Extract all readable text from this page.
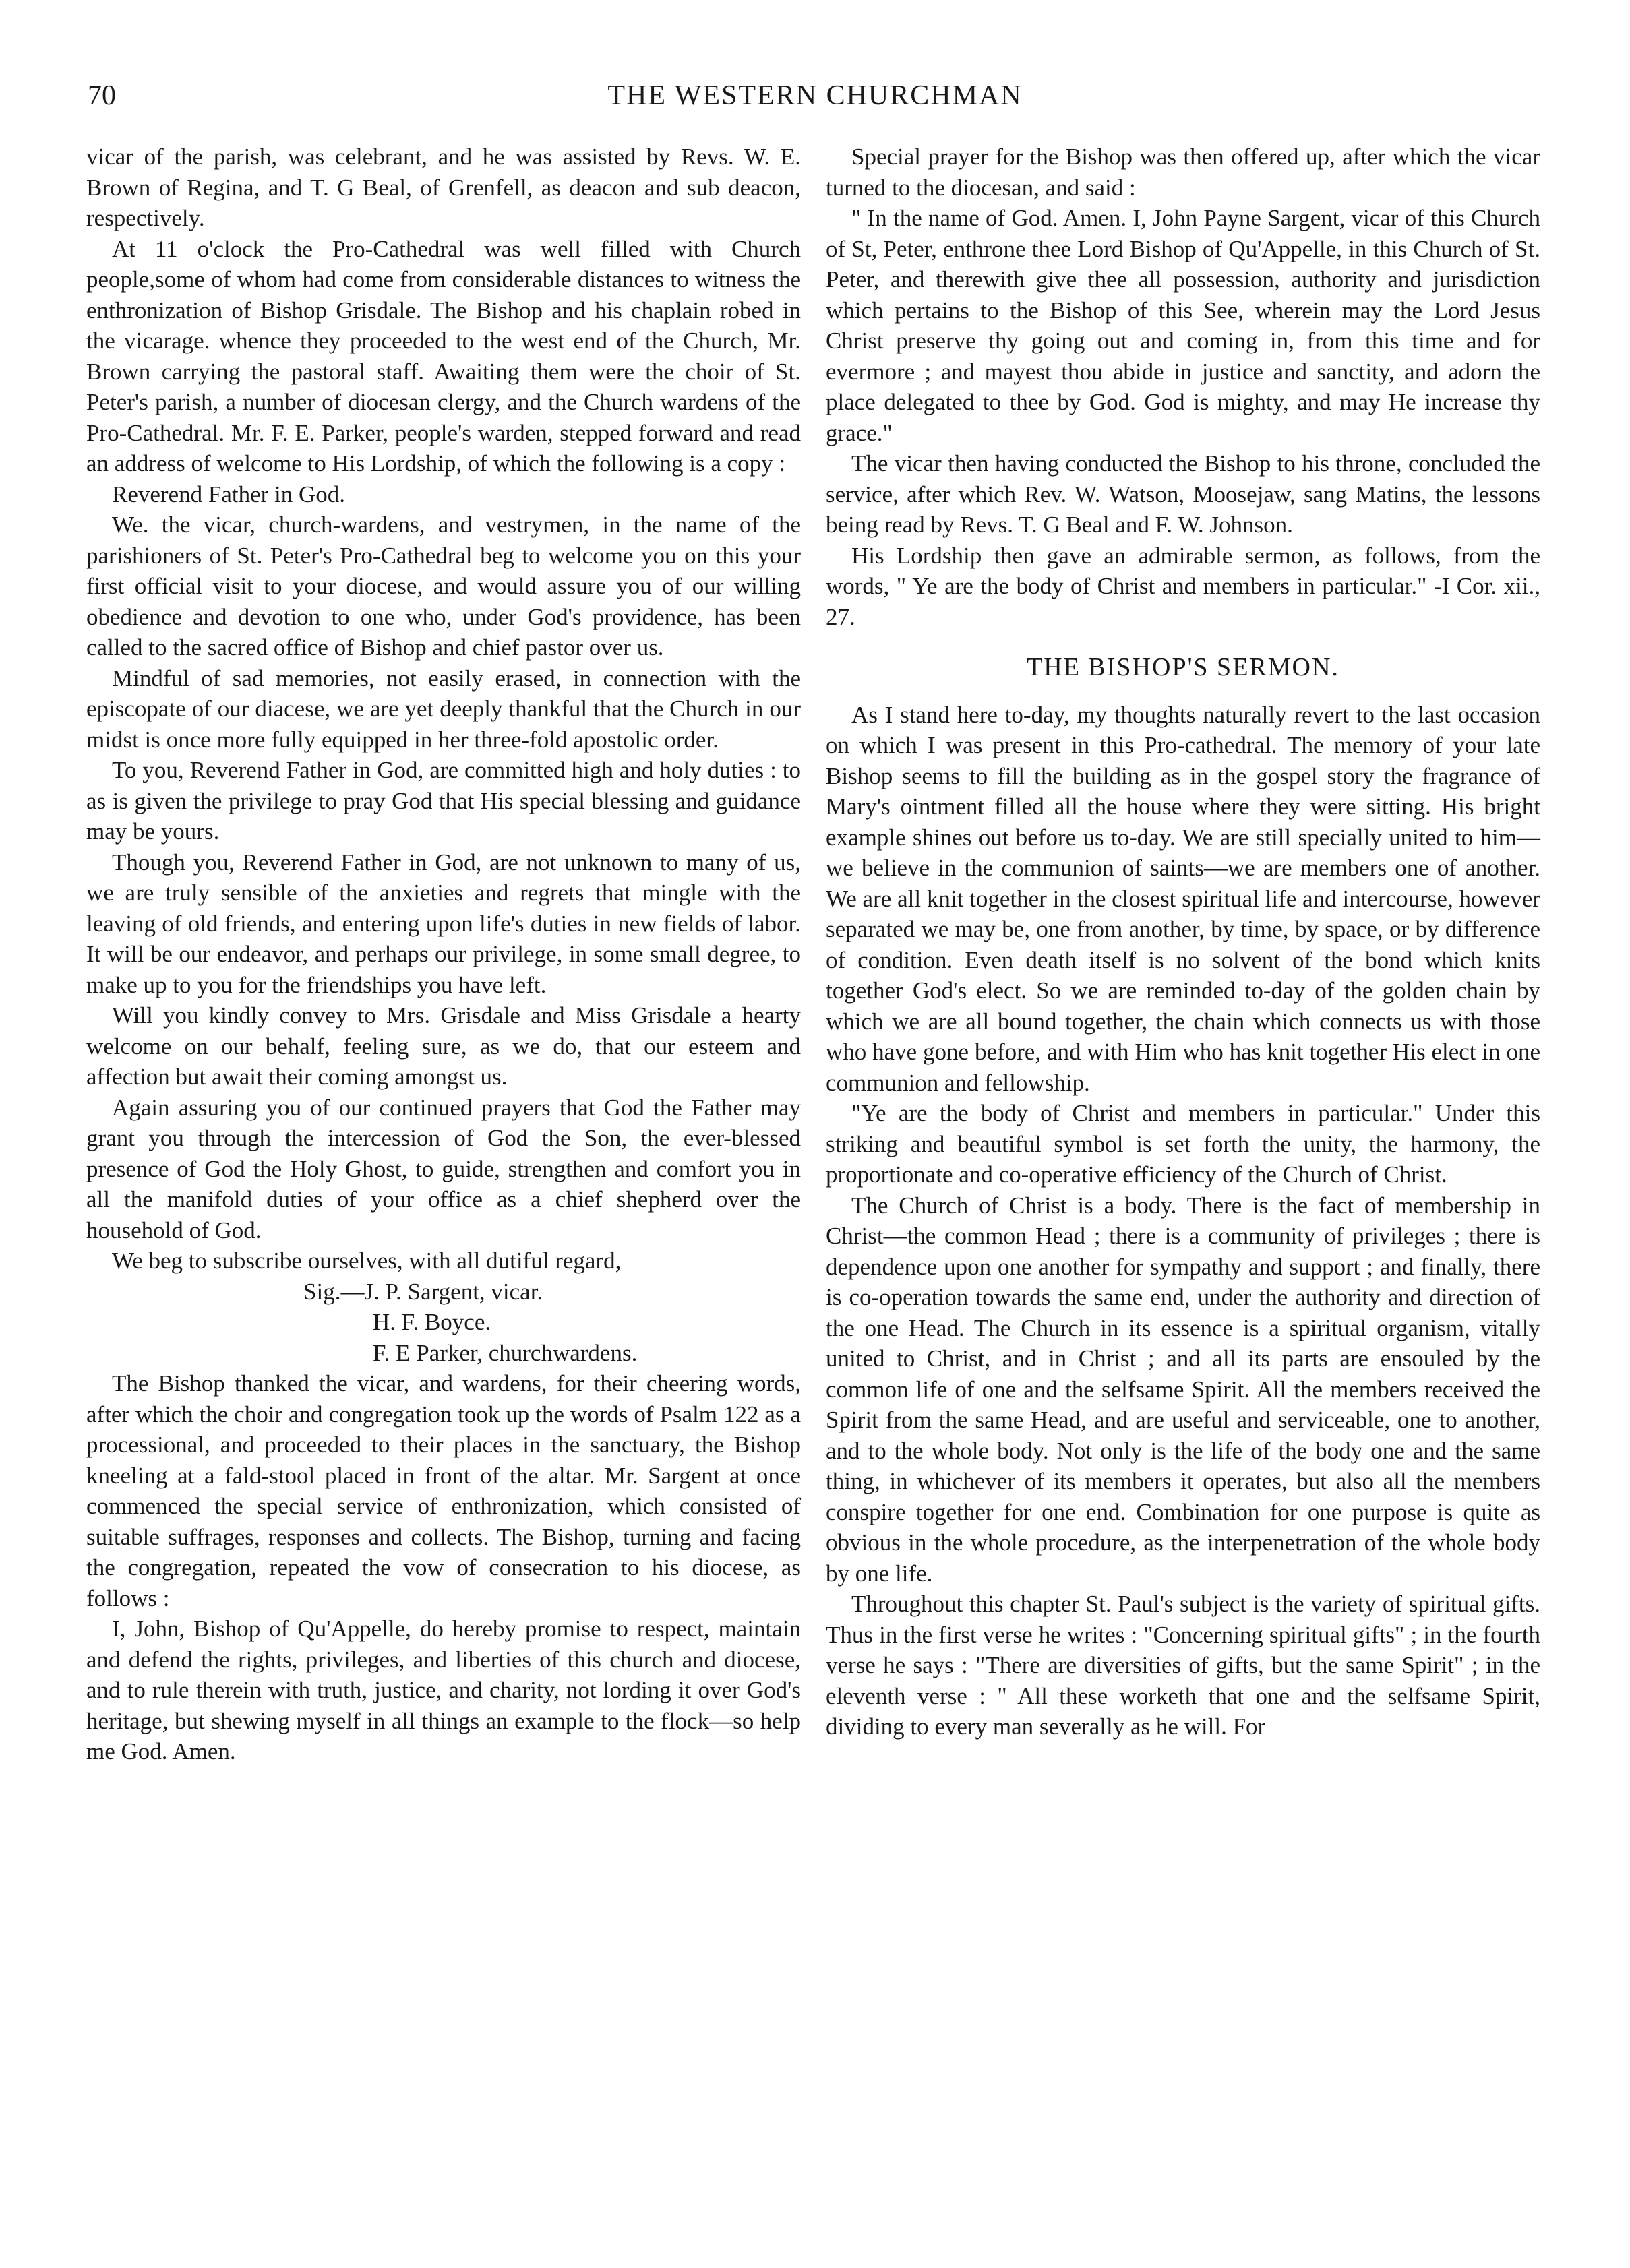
70	THE WESTERN CHURCHMAN

vicar of the parish, was celebrant, and he was assisted by Revs. W. E. Brown of Regina, and T. G Beal, of Grenfell, as deacon and sub deacon, respectively.

At 11 o'clock the Pro-Cathedral was well filled with Church people,some of whom had come from considerable distances to witness the enthronization of Bishop Grisdale. The Bishop and his chaplain robed in the vicarage. whence they proceeded to the west end of the Church, Mr. Brown carrying the pastoral staff. Awaiting them were the choir of St. Peter's parish, a number of diocesan clergy, and the Church wardens of the Pro-Cathedral. Mr. F. E. Parker, people's warden, stepped forward and read an address of welcome to His Lordship, of which the following is a copy :

Reverend Father in God.

We. the vicar, church-wardens, and vestrymen, in the name of the parishioners of St. Peter's Pro-Cathedral beg to welcome you on this your first official visit to your diocese, and would assure you of our willing obedience and devotion to one who, under God's providence, has been called to the sacred office of Bishop and chief pastor over us.

Mindful of sad memories, not easily erased, in connection with the episcopate of our diacese, we are yet deeply thankful that the Church in our midst is once more fully equipped in her three-fold apostolic order.

To you, Reverend Father in God, are committed high and holy duties : to as is given the privilege to pray God that His special blessing and guidance may be yours.

Though you, Reverend Father in God, are not unknown to many of us, we are truly sensible of the anxieties and regrets that mingle with the leaving of old friends, and entering upon life's duties in new fields of labor. It will be our endeavor, and perhaps our privilege, in some small degree, to make up to you for the friendships you have left.

Will you kindly convey to Mrs. Grisdale and Miss Grisdale a hearty welcome on our behalf, feeling sure, as we do, that our esteem and affection but await their coming amongst us.

Again assuring you of our continued prayers that God the Father may grant you through the intercession of God the Son, the ever-blessed presence of God the Holy Ghost, to guide, strengthen and comfort you in all the manifold duties of your office as a chief shepherd over the household of God.

We beg to subscribe ourselves, with all dutiful regard,

Sig.—J. P. Sargent, vicar.
H. F. Boyce.
F. E Parker, churchwardens.

The Bishop thanked the vicar, and wardens, for their cheering words, after which the choir and congregation took up the words of Psalm 122 as a processional, and proceeded to their places in the sanctuary, the Bishop kneeling at a fald-stool placed in front of the altar. Mr. Sargent at once commenced the special service of enthronization, which consisted of suitable suffrages, responses and collects. The Bishop, turning and facing the congregation, repeated the vow of consecration to his diocese, as follows :

I, John, Bishop of Qu'Appelle, do hereby promise to respect, maintain and defend the rights, privileges, and liberties of this church and diocese, and to rule therein with truth, justice, and charity, not lording it over God's heritage, but shewing myself in all things an example to the flock—so help me God. Amen.

Special prayer for the Bishop was then offered up, after which the vicar turned to the diocesan, and said :

" In the name of God. Amen. I, John Payne Sargent, vicar of this Church of St, Peter, enthrone thee Lord Bishop of Qu'Appelle, in this Church of St. Peter, and therewith give thee all possession, authority and jurisdiction which pertains to the Bishop of this See, wherein may the Lord Jesus Christ preserve thy going out and coming in, from this time and for evermore ; and mayest thou abide in justice and sanctity, and adorn the place delegated to thee by God. God is mighty, and may He increase thy grace."

The vicar then having conducted the Bishop to his throne, concluded the service, after which Rev. W. Watson, Moosejaw, sang Matins, the lessons being read by Revs. T. G Beal and F. W. Johnson.

His Lordship then gave an admirable sermon, as follows, from the words, " Ye are the body of Christ and members in particular." -I Cor. xii., 27.

THE BISHOP'S SERMON.

As I stand here to-day, my thoughts naturally revert to the last occasion on which I was present in this Pro-cathedral. The memory of your late Bishop seems to fill the building as in the gospel story the fragrance of Mary's ointment filled all the house where they were sitting. His bright example shines out before us to-day. We are still specially united to him—we believe in the communion of saints—we are members one of another. We are all knit together in the closest spiritual life and intercourse, however separated we may be, one from another, by time, by space, or by difference of condition. Even death itself is no solvent of the bond which knits together God's elect. So we are reminded to-day of the golden chain by which we are all bound together, the chain which connects us with those who have gone before, and with Him who has knit together His elect in one communion and fellowship.

"Ye are the body of Christ and members in particular." Under this striking and beautiful symbol is set forth the unity, the harmony, the proportionate and co-operative efficiency of the Church of Christ.

The Church of Christ is a body. There is the fact of membership in Christ—the common Head ; there is a community of privileges ; there is dependence upon one another for sympathy and support ; and finally, there is co-operation towards the same end, under the authority and direction of the one Head. The Church in its essence is a spiritual organism, vitally united to Christ, and in Christ ; and all its parts are ensouled by the common life of one and the selfsame Spirit. All the members received the Spirit from the same Head, and are useful and serviceable, one to another, and to the whole body. Not only is the life of the body one and the same thing, in whichever of its members it operates, but also all the members conspire together for one end. Combination for one purpose is quite as obvious in the whole procedure, as the interpenetration of the whole body by one life.

Throughout this chapter St. Paul's subject is the variety of spiritual gifts. Thus in the first verse he writes : "Concerning spiritual gifts" ; in the fourth verse he says : "There are diversities of gifts, but the same Spirit" ; in the eleventh verse : " All these worketh that one and the selfsame Spirit, dividing to every man severally as he will. For
